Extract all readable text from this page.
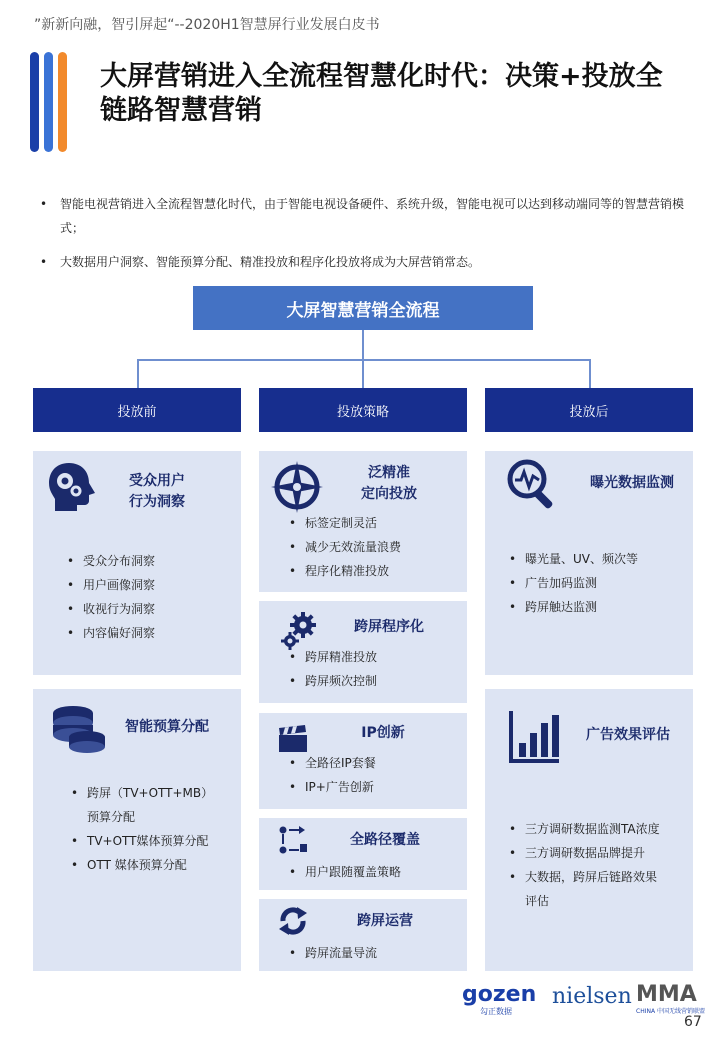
”新新向融，智引屏起“--2020H1智慧屏行业发展白皮书
大屏营销进入全流程智慧化时代：决策+投放全链路智慧营销
• 智能电视营销进入全流程智慧化时代，由于智能电视设备硬件、系统升级，智能电视可以达到移动端同等的智慧营销模式；
• 大数据用户洞察、智能预算分配、精准投放和程序化投放将成为大屏营销常态。
大屏智慧营销全流程
投放前	投放策略	投放后
受众用户
行为洞察
• 受众分布洞察
• 用户画像洞察
• 收视行为洞察
• 内容偏好洞察
智能预算分配
• 跨屏（TV+OTT+MB）
预算分配
• TV+OTT媒体预算分配
• OTT 媒体预算分配
泛精准
定向投放
• 标签定制灵活
• 减少无效流量浪费
• 程序化精准投放
跨屏程序化
• 跨屏精准投放
• 跨屏频次控制
IP创新
• 全路径IP套餐
• IP+广告创新
全路径覆盖
• 用户跟随覆盖策略
跨屏运营
• 跨屏流量导流
曝光数据监测
• 曝光量、UV、频次等
• 广告加码监测
• 跨屏触达监测
广告效果评估
• 三方调研数据监测TA浓度
• 三方调研数据品牌提升
• 大数据，跨屏后链路效果
评估
gozen
勾正数据
nielsen MMA
CHINA 中国无线营销联盟
67
